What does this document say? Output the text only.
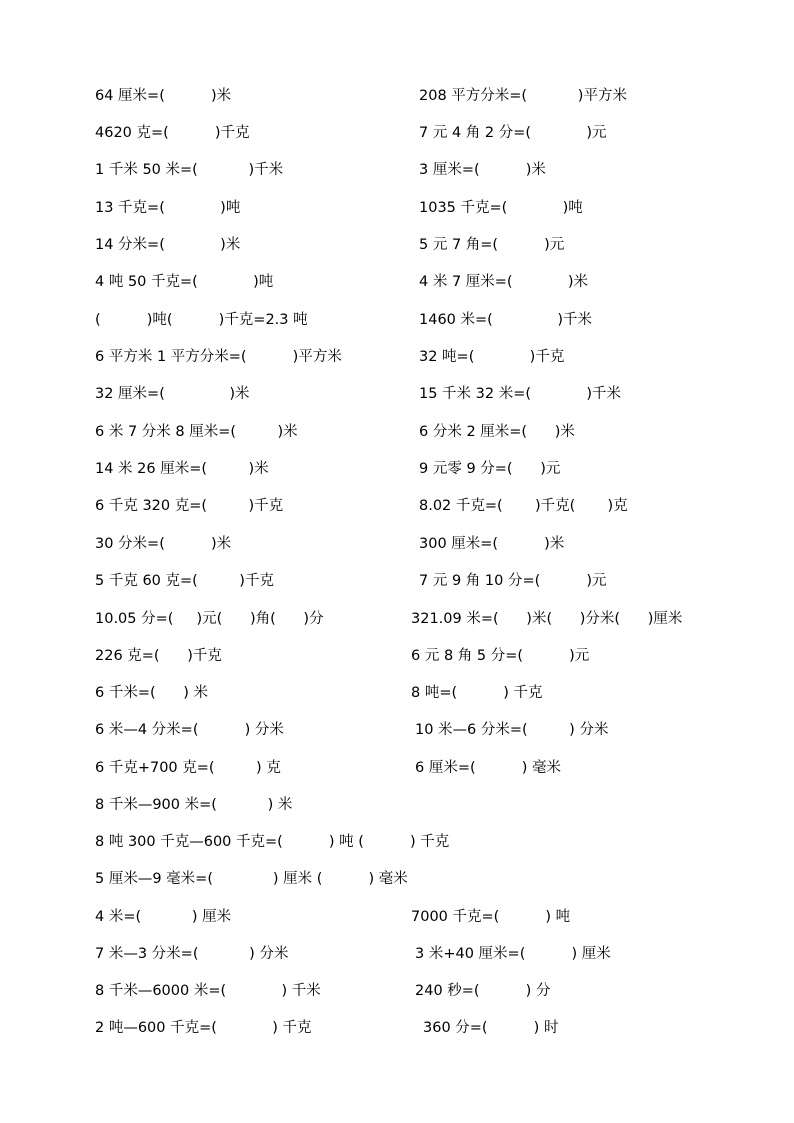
64 厘米=(          )米	208 平方分米=(           )平方米
4620 克=(          )千克	7 元 4 角 2 分=(            )元
1 千米 50 米=(           )千米	3 厘米=(          )米
13 千克=(            )吨	1035 千克=(            )吨
14 分米=(            )米	5 元 7 角=(          )元
4 吨 50 千克=(            )吨	4 米 7 厘米=(            )米
(          )吨(          )千克=2.3 吨	1460 米=(              )千米
6 平方米 1 平方分米=(          )平方米	32 吨=(            )千克
32 厘米=(              )米	15 千米 32 米=(            )千米
6 米 7 分米 8 厘米=(         )米	6 分米 2 厘米=(      )米
14 米 26 厘米=(         )米	9 元零 9 分=(      )元
6 千克 320 克=(         )千克	8.02 千克=(       )千克(       )克
30 分米=(          )米	300 厘米=(          )米
5 千克 60 克=(         )千克	7 元 9 角 10 分=(          )元
10.05 分=(     )元(      )角(      )分	321.09 米=(      )米(      )分米(      )厘米
226 克=(      )千克	6 元 8 角 5 分=(          )元
6 千米=(      ) 米	8 吨=(          ) 千克
6 米—4 分米=(          ) 分米	10 米—6 分米=(         ) 分米
6 千克+700 克=(         ) 克	6 厘米=(          ) 毫米
8 千米—900 米=(           ) 米
8 吨 300 千克—600 千克=(          ) 吨 (          ) 千克
5 厘米—9 毫米=(             ) 厘米 (          ) 毫米
4 米=(           ) 厘米	7000 千克=(          ) 吨
7 米—3 分米=(           ) 分米	3 米+40 厘米=(          ) 厘米
8 千米—6000 米=(            ) 千米	240 秒=(          ) 分
2 吨—600 千克=(            ) 千克	360 分=(          ) 时
